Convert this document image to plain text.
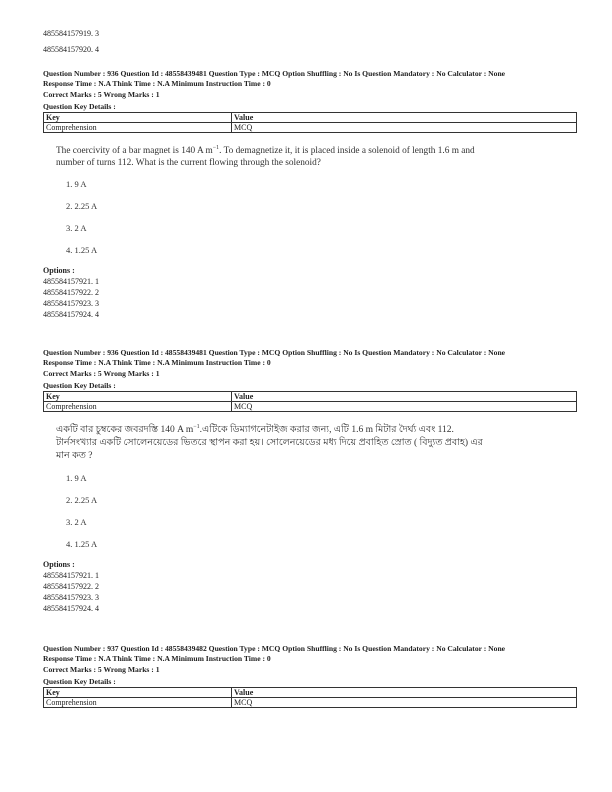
485584157919. 3
485584157920. 4

Question Number : 936 Question Id : 48558439481 Question Type : MCQ Option Shuffling : No Is Question Mandatory : No Calculator : None

Response Time : N.A Think Time : N.A Minimum Instruction Time : 0

Correct Marks : 5 Wrong Marks : 1

Question Key Details :

Key	Value
Comprehension	MCQ
The coercivity of a bar magnet is 140 A $m^{-1}$. To demagnetize it, it is placed inside a solenoid of length 1.6 m and number of turns 112. What is the current flowing through the solenoid?

1. 9 A

2. 2.25 A

3. 2 A

4. 1.25 A

Options :
485584157921. 1
485584157922. 2
485584157923. 3
485584157924. 4

Question Number : 936 Question Id : 48558439481 Question Type : MCQ Option Shuffling : No Is Question Mandatory : No Calculator : None

Response Time : N.A Think Time : N.A Minimum Instruction Time : 0

Correct Marks : 5 Wrong Marks : 1

Question Key Details :

Key	Value
Comprehension	MCQ
একটি বার চুম্বকের জবরদস্তি 140 A $m^{-1}.এটিকে$ ডিম্যাগনেটাইজ করার জন্য, এটি 1.6 m মিটার দৈর্ঘ্য এবং 112. টার্নসংখ্যার একটি সোলেনয়েডের ভিতরে স্থাপন করা হয়। সোলেনয়েডের মধ্য দিয়ে প্রবাহিত স্রোত ( বিদ্যুত প্রবাহ) এর মান কত ?

1. 9 A

2. 2.25 A

3. 2 A

4. 1.25 A

Options :
485584157921. 1
485584157922. 2
485584157923. 3
485584157924. 4

Question Number : 937 Question Id : 48558439482 Question Type : MCQ Option Shuffling : No Is Question Mandatory : No Calculator : None

Response Time : N.A Think Time : N.A Minimum Instruction Time : 0

Correct Marks : 5 Wrong Marks : 1

Question Key Details :

Key	Value
Comprehension	MCQ
